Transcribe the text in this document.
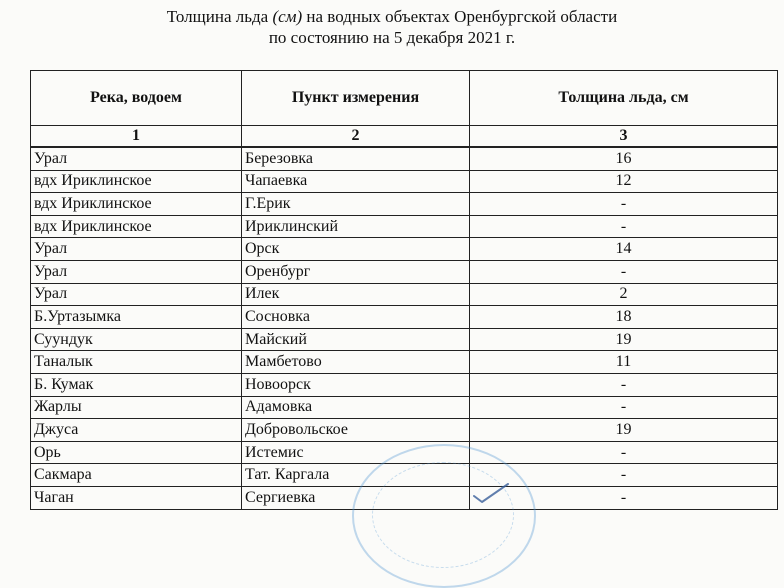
Толщина льда (см) на водных объектах Оренбургской области
по состоянию на 5 декабря 2021 г.
Река, водоем	Пункт измерения	Толщина льда, см
1	2	3
Урал	Березовка	16
вдх Ириклинское	Чапаевка	12
вдх Ириклинское	Г.Ерик	-
вдх Ириклинское	Ириклинский	-
Урал	Орск	14
Урал	Оренбург	-
Урал	Илек	2
Б.Уртазымка	Сосновка	18
Суундук	Майский	19
Таналык	Мамбетово	11
Б. Кумак	Новоорск	-
Жарлы	Адамовка	-
Джуса	Добровольское	19
Орь	Истемис	-
Сакмара	Тат. Каргала	-
Чаган	Сергиевка	-
